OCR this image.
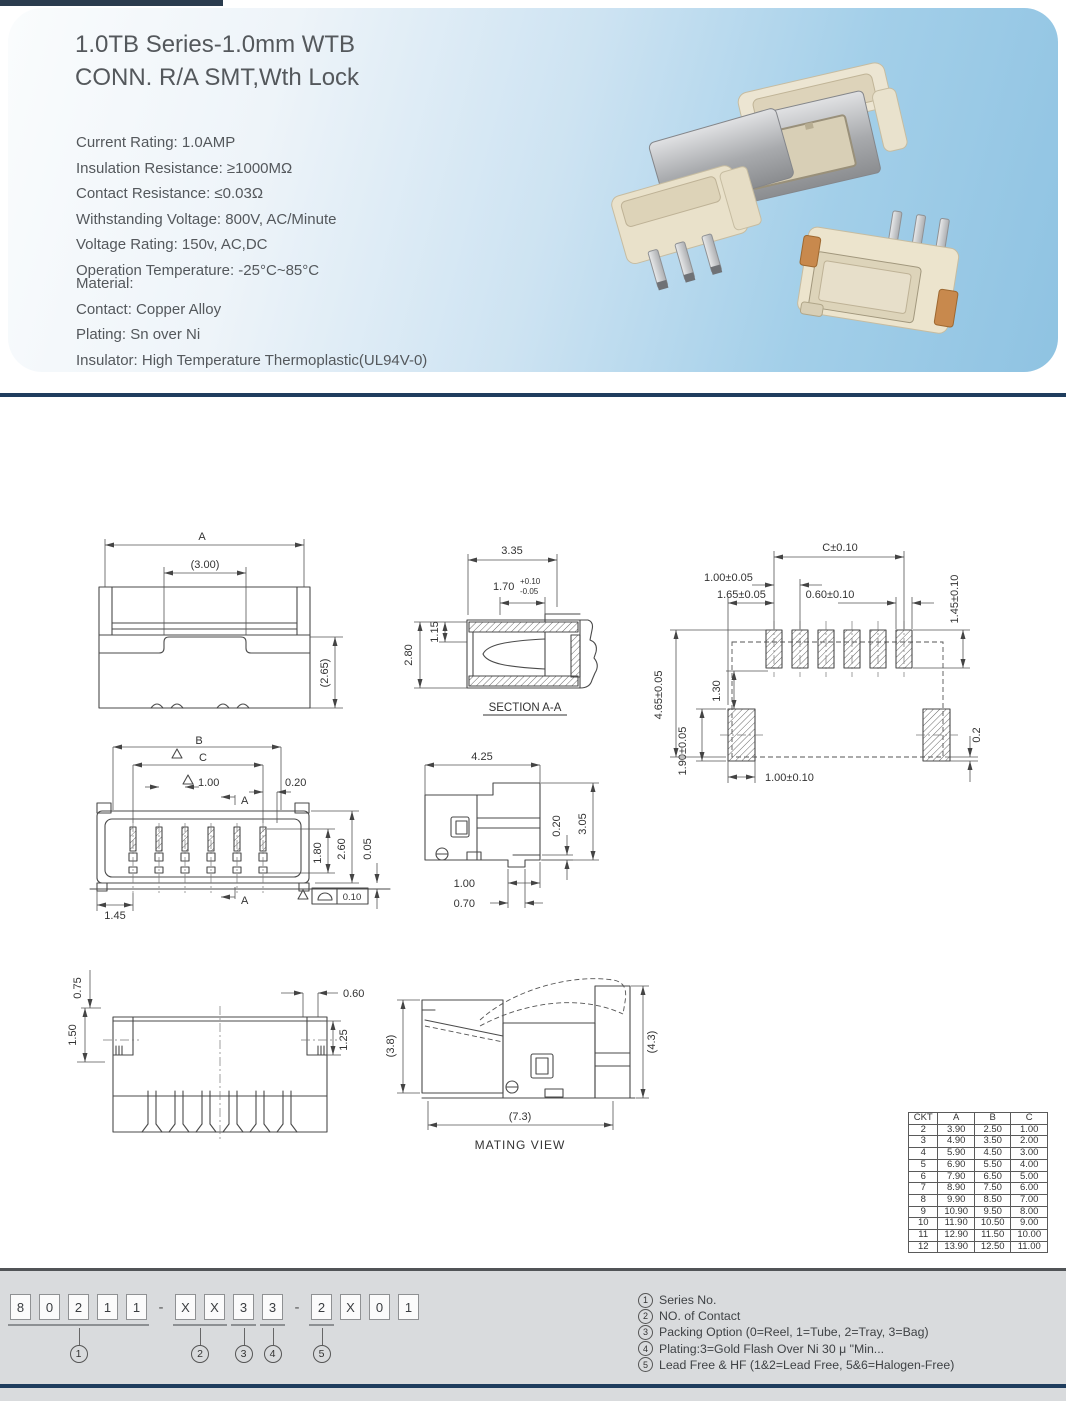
1.0TB Series-1.0mm WTB
CONN. R/A SMT,Wth Lock
Current Rating: 1.0AMP
Insulation Resistance: ≥1000MΩ
Contact Resistance: ≤0.03Ω
Withstanding Voltage: 800V, AC/Minute
Voltage Rating: 150v, AC,DC
Operation Temperature: -25°C~85°C
Material:
Contact: Copper Alloy
Plating: Sn over Ni
Insulator: High Temperature Thermoplastic(UL94V-0)
A
(3.00)
(2.65)
3.35
1.70 +0.10
-0.05
1.15
2.80
SECTION A-A
C±0.10
1.00±0.05
1.65±0.05	0.60±0.10	1.45±0.10
1.30
4.65±0.05
1.90±0.05
1.00±0.10
0.2
B
C
1.00	0.20
A
A
1.80 2.60 0.05
1.45
0.10
4.25
0.20 3.05
1.00
0.70
0.75
1.50
0.60
1.25	(3.8)	(4.3)
(7.3)
MATING VIEW
CKT	A	B	C
2	3.90	2.50	1.00
3	4.90	3.50	2.00
4	5.90	4.50	3.00
5	6.90	5.50	4.00
6	7.90	6.50	5.00
7	8.90	7.50	6.00
8	9.90	8.50	7.00
9	10.90	9.50	8.00
10	11.90	10.50	9.00
11	12.90	11.50	10.00
12	13.90	12.50	11.00
8	0	2	1	1
1
-	X	X
2
3
3
3
4
-	2
5
X	0	1	1 Series No.
2 NO. of Contact
3 Packing Option (0=Reel, 1=Tube, 2=Tray, 3=Bag)
4 Plating:3=Gold Flash Over Ni 30 μ "Min...
5 Lead Free & HF (1&2=Lead Free, 5&6=Halogen-Free)
